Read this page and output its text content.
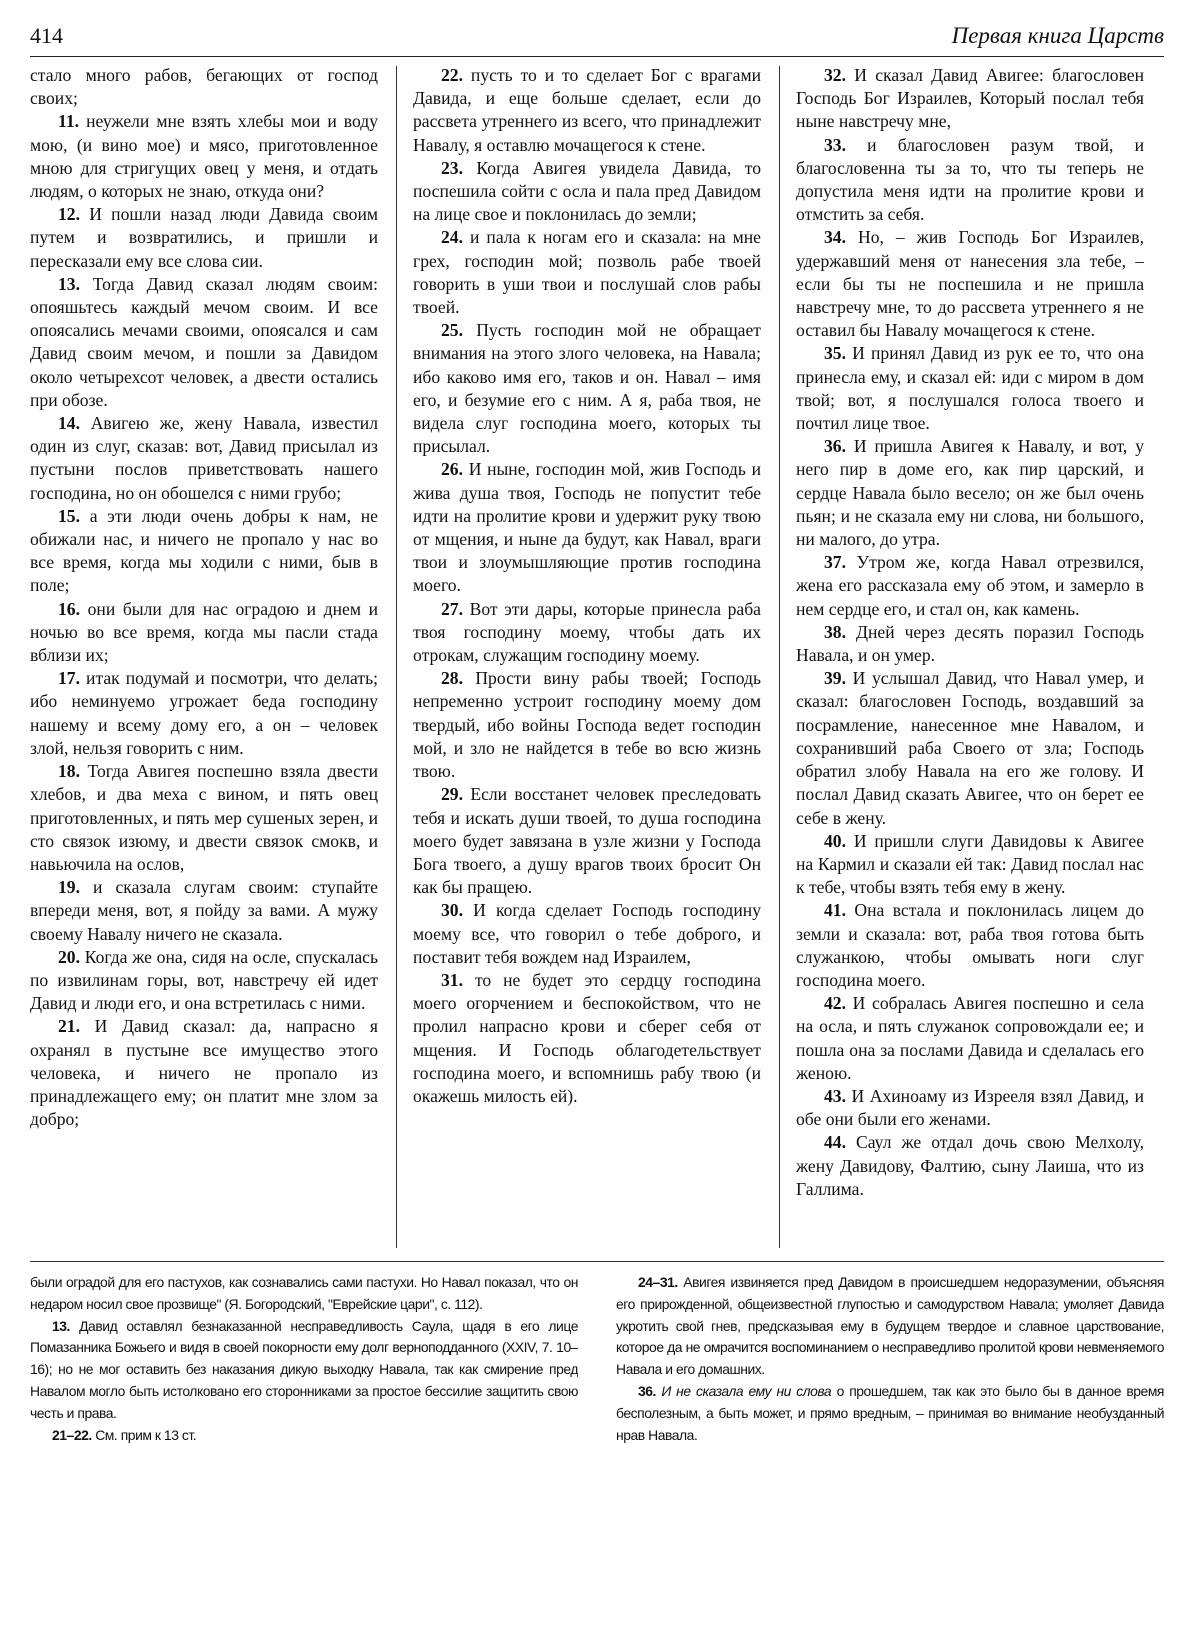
414	Первая книга Царств

стало много рабов, бегающих от господ своих;

11. неужели мне взять хлебы мои и воду мою, (и вино мое) и мясо, приготовленное мною для стригущих овец у меня, и отдать людям, о которых не знаю, откуда они?

12. И пошли назад люди Давида своим путем и возвратились, и пришли и пересказали ему все слова сии.

13. Тогда Давид сказал людям своим: опояшьтесь каждый мечом своим. И все опоясались мечами своими, опоясался и сам Давид своим мечом, и пошли за Давидом около четырехсот человек, а двести остались при обозе.

14. Авигею же, жену Навала, известил один из слуг, сказав: вот, Давид присылал из пустыни послов приветствовать нашего господина, но он обошелся с ними грубо;

15. а эти люди очень добры к нам, не обижали нас, и ничего не пропало у нас во все время, когда мы ходили с ними, быв в поле;

16. они были для нас оградою и днем и ночью во все время, когда мы пасли стада вблизи их;

17. итак подумай и посмотри, что делать; ибо неминуемо угрожает беда господину нашему и всему дому его, а он – человек злой, нельзя говорить с ним.

18. Тогда Авигея поспешно взяла двести хлебов, и два меха с вином, и пять овец приготовленных, и пять мер сушеных зерен, и сто связок изюму, и двести связок смокв, и навьючила на ослов,

19. и сказала слугам своим: ступайте впереди меня, вот, я пойду за вами. А мужу своему Навалу ничего не сказала.

20. Когда же она, сидя на осле, спускалась по извилинам горы, вот, навстречу ей идет Давид и люди его, и она встретилась с ними.

21. И Давид сказал: да, напрасно я охранял в пустыне все имущество этого человека, и ничего не пропало из принадлежащего ему; он платит мне злом за добро;

22. пусть то и то сделает Бог с врагами Давида, и еще больше сделает, если до рассвета утреннего из всего, что принадлежит Навалу, я оставлю мочащегося к стене.

23. Когда Авигея увидела Давида, то поспешила сойти с осла и пала пред Давидом на лице свое и поклонилась до земли;

24. и пала к ногам его и сказала: на мне грех, господин мой; позволь рабе твоей говорить в уши твои и послушай слов рабы твоей.

25. Пусть господин мой не обращает внимания на этого злого человека, на Навала; ибо каково имя его, таков и он. Навал – имя его, и безумие его с ним. А я, раба твоя, не видела слуг господина моего, которых ты присылал.

26. И ныне, господин мой, жив Господь и жива душа твоя, Господь не попустит тебе идти на пролитие крови и удержит руку твою от мщения, и ныне да будут, как Навал, враги твои и злоумышляющие против господина моего.

27. Вот эти дары, которые принесла раба твоя господину моему, чтобы дать их отрокам, служащим господину моему.

28. Прости вину рабы твоей; Господь непременно устроит господину моему дом твердый, ибо войны Господа ведет господин мой, и зло не найдется в тебе во всю жизнь твою.

29. Если восстанет человек преследовать тебя и искать души твоей, то душа господина моего будет завязана в узле жизни у Господа Бога твоего, а душу врагов твоих бросит Он как бы пращею.

30. И когда сделает Господь господину моему все, что говорил о тебе доброго, и поставит тебя вождем над Израилем,

31. то не будет это сердцу господина моего огорчением и беспокойством, что не пролил напрасно крови и сберег себя от мщения. И Господь облагодетельствует господина моего, и вспомнишь рабу твою (и окажешь милость ей).

32. И сказал Давид Авигее: благословен Господь Бог Израилев, Который послал тебя ныне навстречу мне,

33. и благословен разум твой, и благословенна ты за то, что ты теперь не допустила меня идти на пролитие крови и отмстить за себя.

34. Но, – жив Господь Бог Израилев, удержавший меня от нанесения зла тебе, – если бы ты не поспешила и не пришла навстречу мне, то до рассвета утреннего я не оставил бы Навалу мочащегося к стене.

35. И принял Давид из рук ее то, что она принесла ему, и сказал ей: иди с миром в дом твой; вот, я послушался голоса твоего и почтил лице твое.

36. И пришла Авигея к Навалу, и вот, у него пир в доме его, как пир царский, и сердце Навала было весело; он же был очень пьян; и не сказала ему ни слова, ни большого, ни малого, до утра.

37. Утром же, когда Навал отрезвился, жена его рассказала ему об этом, и замерло в нем сердце его, и стал он, как камень.

38. Дней через десять поразил Господь Навала, и он умер.

39. И услышал Давид, что Навал умер, и сказал: благословен Господь, воздавший за посрамление, нанесенное мне Навалом, и сохранивший раба Своего от зла; Господь обратил злобу Навала на его же голову. И послал Давид сказать Авигее, что он берет ее себе в жену.

40. И пришли слуги Давидовы к Авигее на Кармил и сказали ей так: Давид послал нас к тебе, чтобы взять тебя ему в жену.

41. Она встала и поклонилась лицем до земли и сказала: вот, раба твоя готова быть служанкою, чтобы омывать ноги слуг господина моего.

42. И собралась Авигея поспешно и села на осла, и пять служанок сопровождали ее; и пошла она за послами Давида и сделалась его женою.

43. И Ахиноаму из Изрееля взял Давид, и обе они были его женами.

44. Саул же отдал дочь свою Мелхолу, жену Давидову, Фалтию, сыну Лаиша, что из Галлима.

были оградой для его пастухов, как сознавались сами пастухи. Но Навал показал, что он недаром носил свое прозвище" (Я. Богородский, "Еврейские цари", с. 112).

13. Давид оставлял безнаказанной несправедливость Саула, щадя в его лице Помазанника Божьего и видя в своей покорности ему долг верноподданного (XXIV, 7. 10–16); но не мог оставить без наказания дикую выходку Навала, так как смирение пред Навалом могло быть истолковано его сторонниками за простое бессилие защитить свою честь и права.

21–22. См. прим к 13 ст.

24–31. Авигея извиняется пред Давидом в происшедшем недоразумении, объясняя его прирожденной, общеизвестной глупостью и самодурством Навала; умоляет Давида укротить свой гнев, предсказывая ему в будущем твердое и славное царствование, которое да не омрачится воспоминанием о несправедливо пролитой крови невменяемого Навала и его домашних.

36. И не сказала ему ни слова о прошедшем, так как это было бы в данное время бесполезным, а быть может, и прямо вредным, – принимая во внимание необузданный нрав Навала.
